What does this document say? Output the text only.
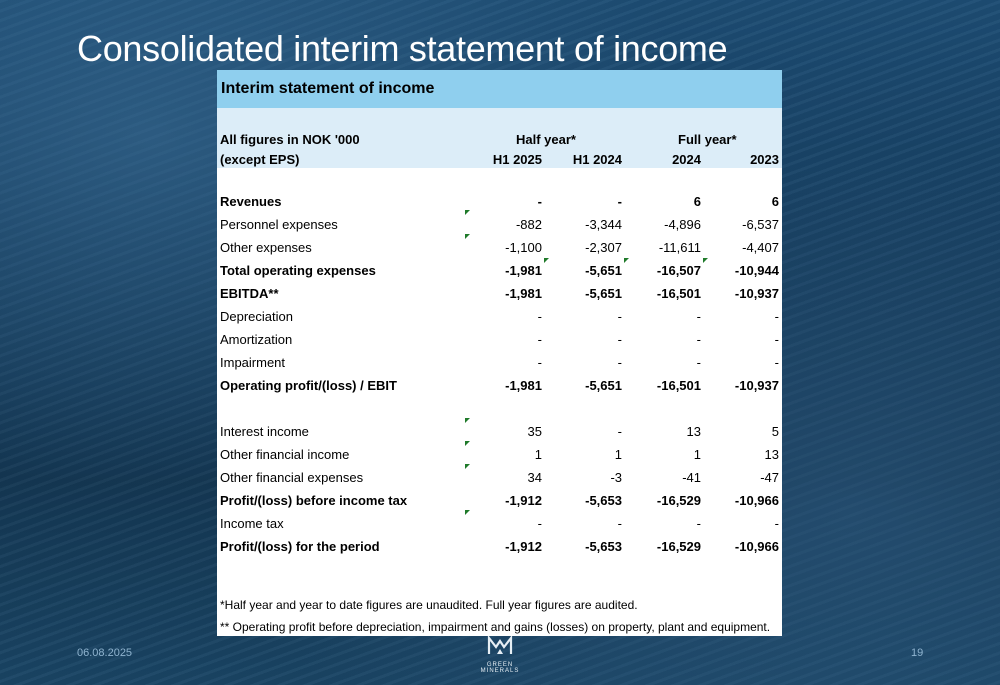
Consolidated interim statement of income
Interim statement of income
All figures in NOK '000
(except EPS)
Half year*	Full year*
H1 2025	H1 2024	2024	2023
Revenues	-	-	6	6
Personnel expenses	-882	-3,344	-4,896	-6,537
Other expenses	-1,100	-2,307	-11,611	-4,407
Total operating expenses	-1,981	-5,651	-16,507	-10,944
EBITDA**	-1,981	-5,651	-16,501	-10,937
Depreciation	-	-	-	-
Amortization	-	-	-	-
Impairment	-	-	-	-
Operating profit/(loss) / EBIT	-1,981	-5,651	-16,501	-10,937
Interest income	35	-	13	5
Other financial income	1	1	1	13
Other financial expenses	34	-3	-41	-47
Profit/(loss) before income tax	-1,912	-5,653	-16,529	-10,966
Income tax	-	-	-	-
Profit/(loss) for the period	-1,912	-5,653	-16,529	-10,966
*Half year and year to date figures are unaudited. Full year figures are audited.
** Operating profit before depreciation, impairment and gains (losses) on property, plant and equipment.
06.08.2025	19
GREEN MINERALS
